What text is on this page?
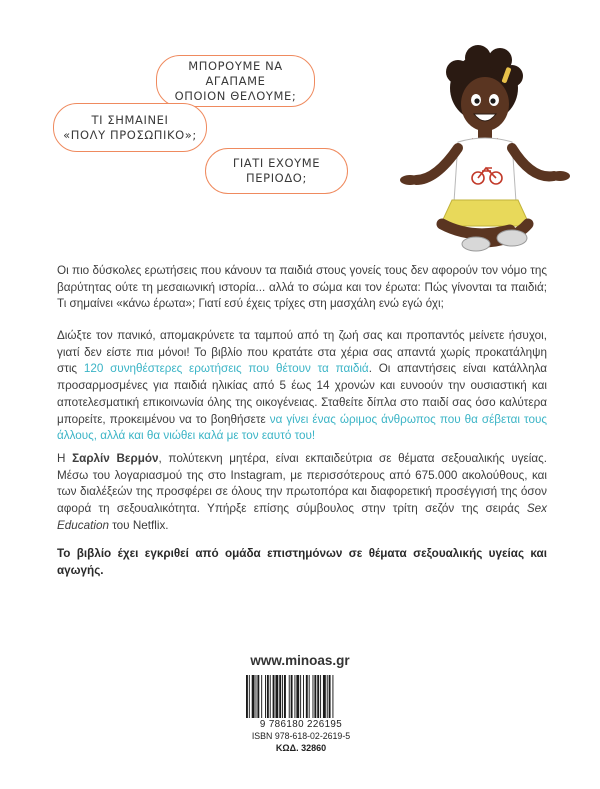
ΜΠΟΡΟΥΜΕ ΝΑ ΑΓΑΠΑΜΕ
ΟΠΟΙΟΝ ΘΕΛΟΥΜΕ;
ΤΙ ΣΗΜΑΙΝΕΙ
«ΠΟΛΥ ΠΡΟΣΩΠΙΚΟ»;
ΓΙΑΤΙ ΕΧΟΥΜΕ
ΠΕΡΙΟΔΟ;

Οι πιο δύσκολες ερωτήσεις που κάνουν τα παιδιά στους γονείς τους δεν αφορούν τον νόμο της βαρύτητας ούτε τη μεσαιωνική ιστορία... αλλά το σώμα και τον έρωτα: Πώς γίνονται τα παιδιά; Τι σημαίνει «κάνω έρωτα»; Γιατί εσύ έχεις τρίχες στη μασχάλη ενώ εγώ όχι;

Διώξτε τον πανικό, απομακρύνετε τα ταμπού από τη ζωή σας και προπαντός μείνετε ήσυχοι, γιατί δεν είστε πια μόνοι! Το βιβλίο που κρατάτε στα χέρια σας απαντά χωρίς προκατάληψη στις 120 συνηθέστερες ερωτήσεις που θέτουν τα παιδιά. Οι απαντήσεις είναι κατάλληλα προσαρμοσμένες για παιδιά ηλικίας από 5 έως 14 χρονών και ευνοούν την ουσιαστική και αποτελεσματική επικοινωνία όλης της οικογένειας. Σταθείτε δίπλα στο παιδί σας όσο καλύτερα μπορείτε, προκειμένου να το βοηθήσετε να γίνει ένας ώριμος άνθρωπος που θα σέβεται τους άλλους, αλλά και θα νιώθει καλά με τον εαυτό του!

Η Σαρλίν Βερμόν, πολύτεκνη μητέρα, είναι εκπαιδεύτρια σε θέματα σεξουαλικής υγείας. Μέσω του λογαριασμού της στο Instagram, με περισσότερους από 675.000 ακολούθους, και των διαλέξεών της προσφέρει σε όλους την πρωτοπόρα και διαφορετική προσέγγισή της όσον αφορά τη σεξουαλικότητα. Υπήρξε επίσης σύμβουλος στην τρίτη σεζόν της σειράς Sex Education του Netflix.

Το βιβλίο έχει εγκριθεί από ομάδα επιστημόνων σε θέματα σεξουαλικής υγείας και αγωγής.

www.minoas.gr
9 786180 226195
ISBN 978-618-02-2619-5
ΚΩΔ. 32860
